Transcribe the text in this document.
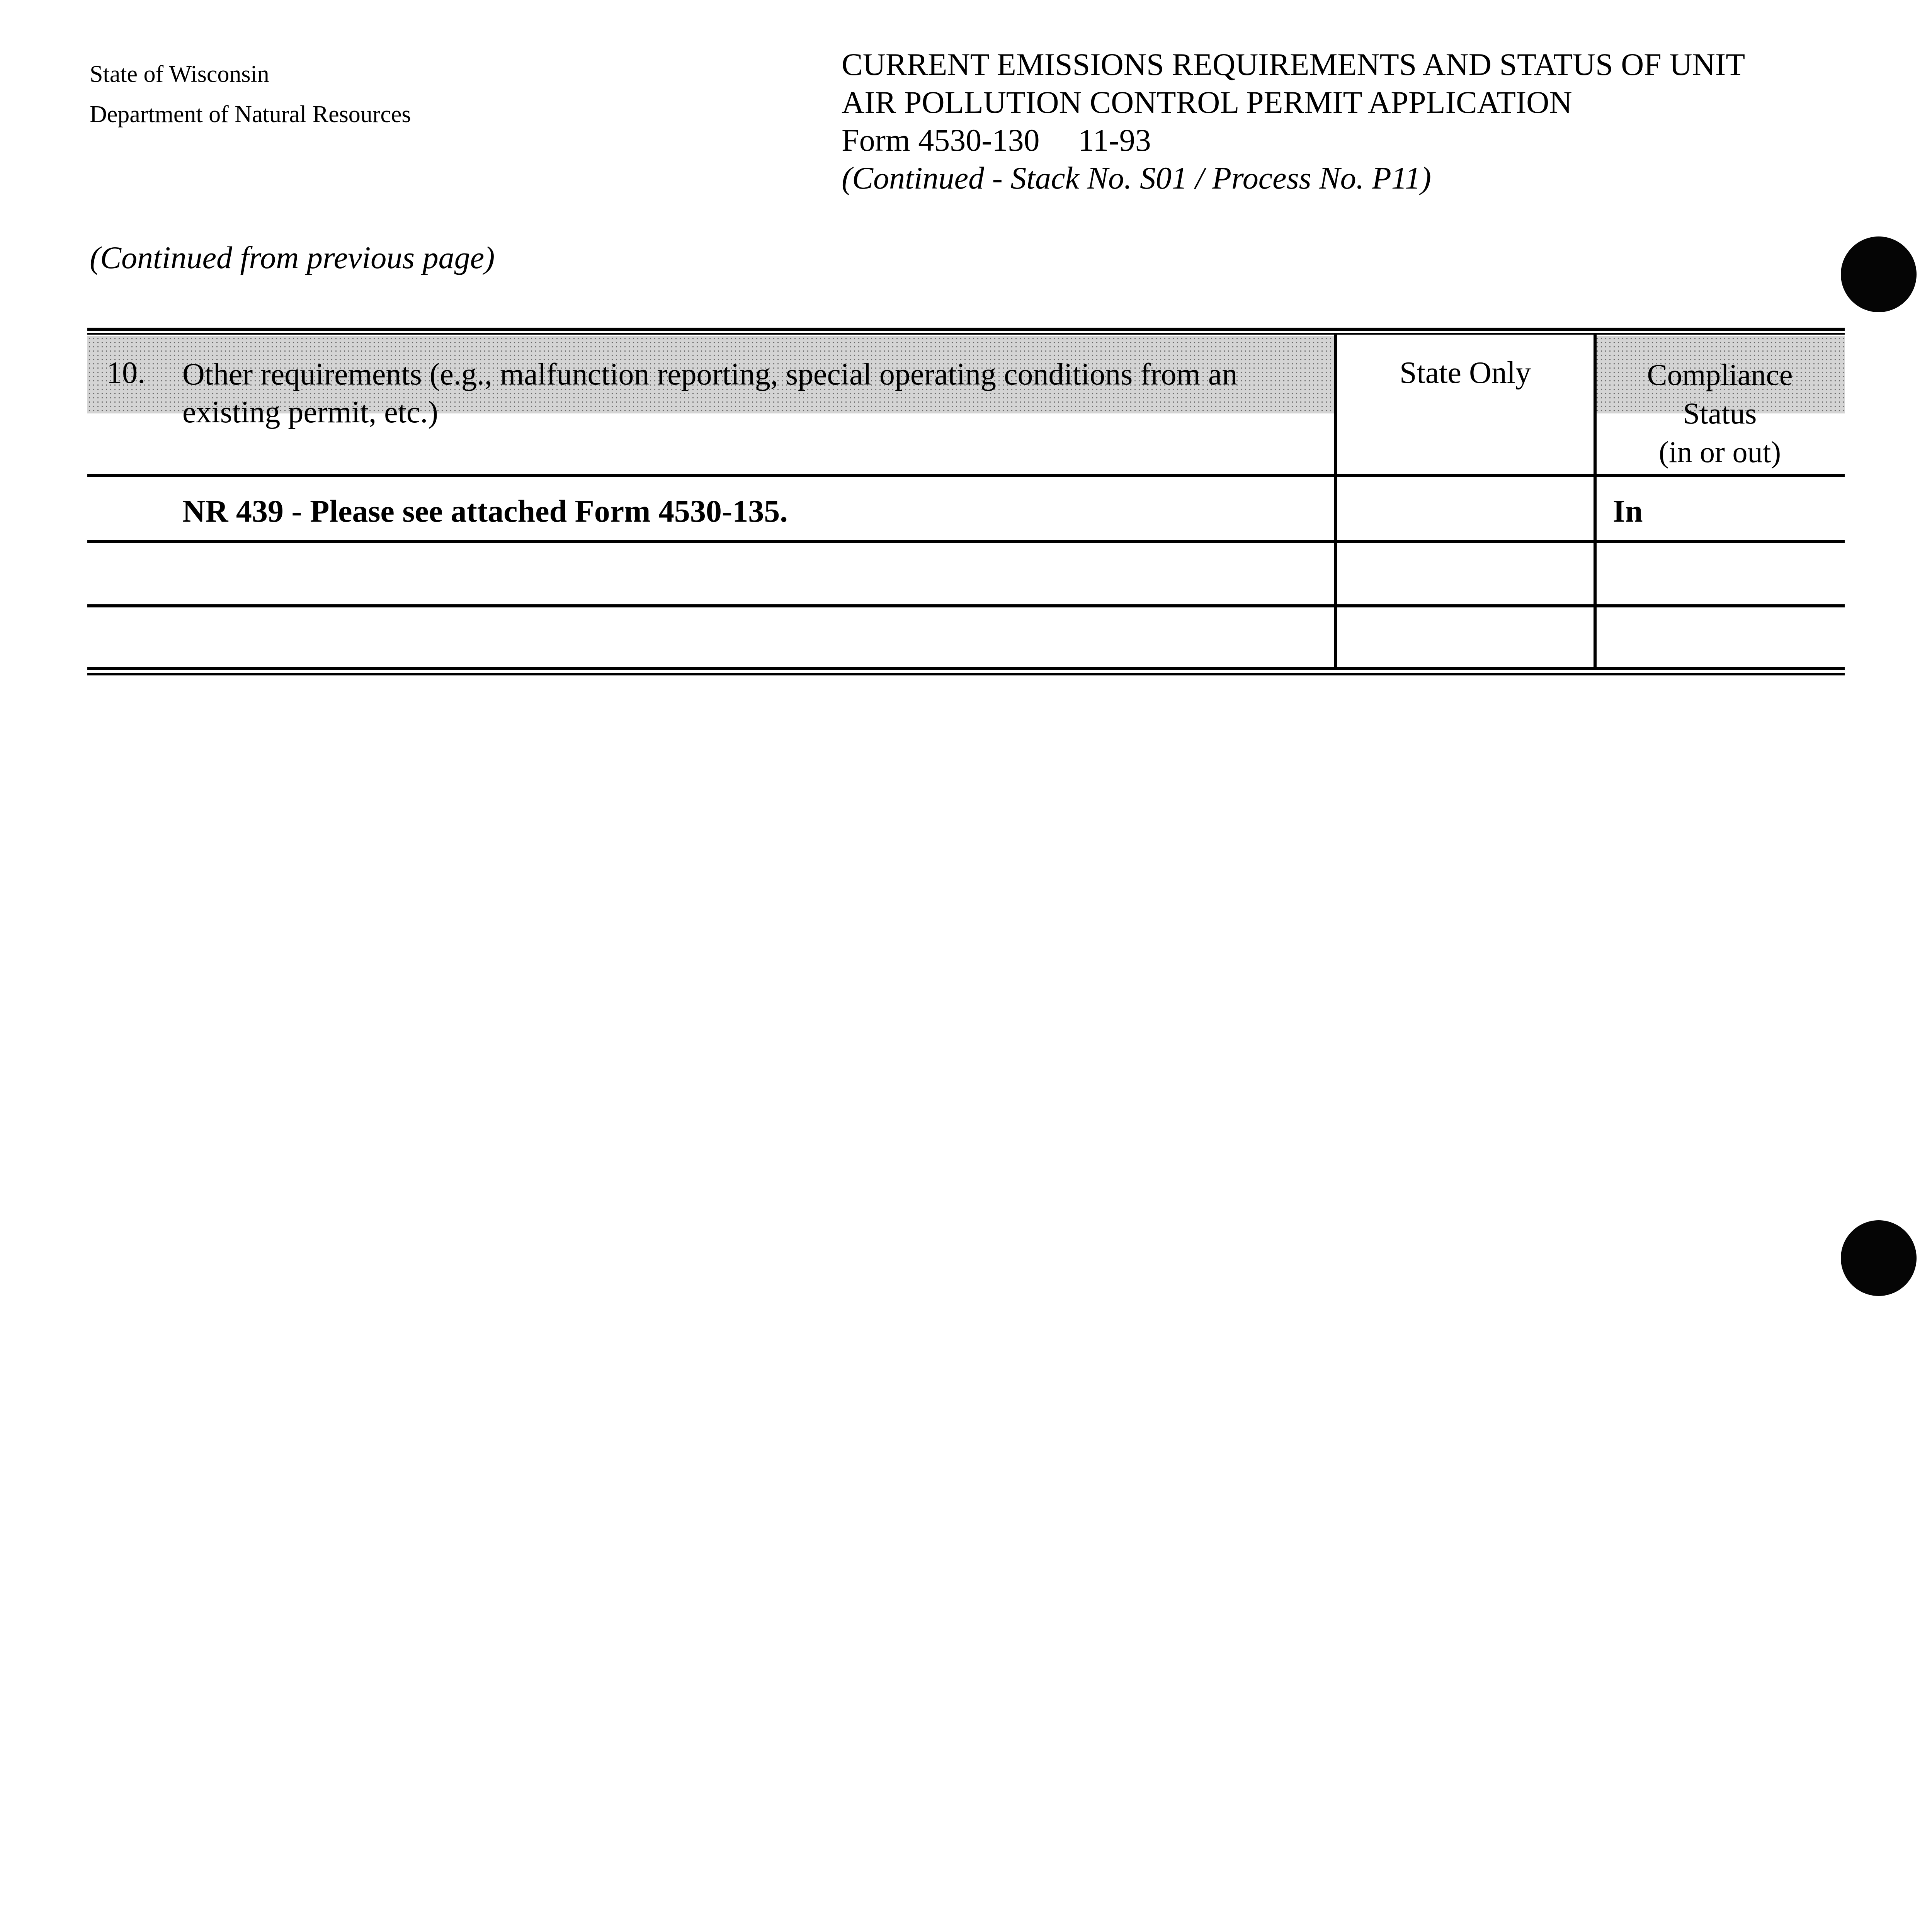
State of Wisconsin
Department of Natural Resources
CURRENT EMISSIONS REQUIREMENTS AND STATUS OF UNIT
AIR POLLUTION CONTROL PERMIT APPLICATION
Form 4530-130 11-93
(Continued - Stack No. S01 / Process No. P11)
(Continued from previous page)
10. Other requirements (e.g., malfunction reporting, special operating conditions from an existing permit, etc.)
State Only	Compliance
Status
(in or out)
NR 439 - Please see attached Form 4530-135.	In
